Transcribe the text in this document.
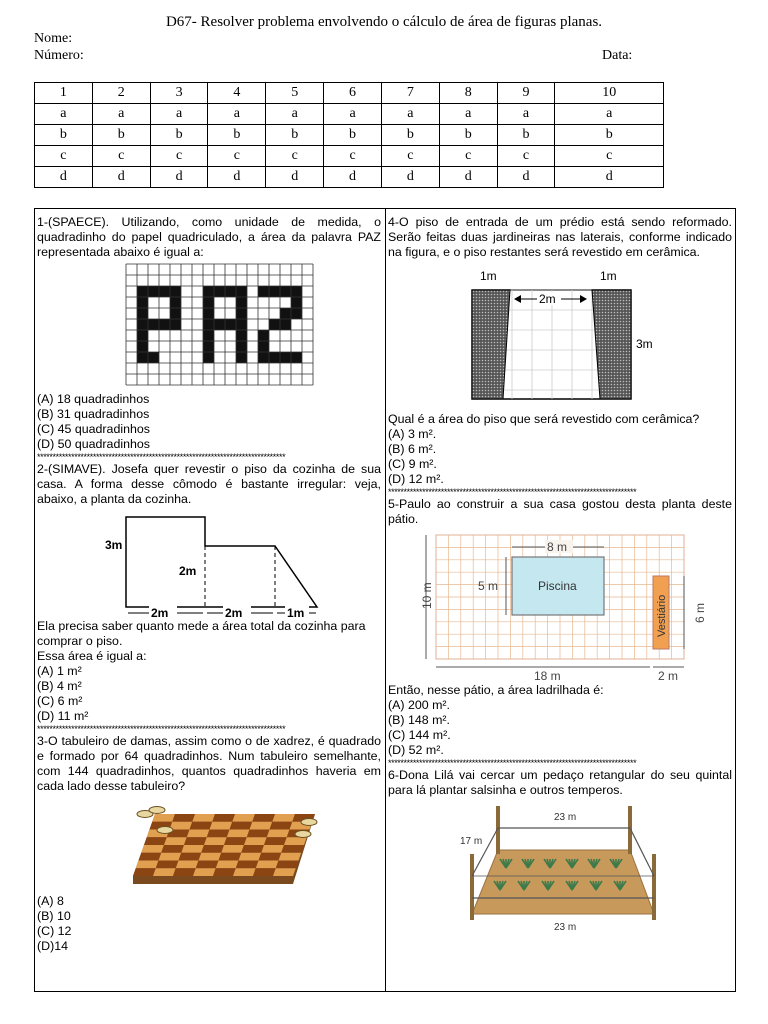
D67- Resolver problema envolvendo o cálculo de área de figuras planas.
Nome:
Número:	Data:
1	2	3	4	5	6	7	8	9	10
a	a	a	a	a	a	a	a	a	a
b	b	b	b	b	b	b	b	b	b
c	c	c	c	c	c	c	c	c	c
d	d	d	d	d	d	d	d	d	d

1-(SPAECE). Utilizando, como unidade de medida, o quadradinho do papel quadriculado, a área da palavra PAZ representada abaixo é igual a:

(A) 18 quadradinhos
(B) 31 quadradinhos
(C) 45 quadradinhos
(D) 50 quadradinhos
********************************************************************************

2-(SIMAVE). Josefa quer revestir o piso da cozinha de sua casa. A forma desse cômodo é bastante irregular: veja, abaixo, a planta da cozinha.

3m
2m
2m	2m	1m

Ela precisa saber quanto mede a área total da cozinha para comprar o piso.

Essa área é igual a:

(A) 1 m²
(B) 4 m²
(C) 6 m²
(D) 11 m²
********************************************************************************

3-O tabuleiro de damas, assim como o de xadrez, é quadrado e formado por 64 quadradinhos. Num tabuleiro semelhante, com 144 quadradinhos, quantos quadradinhos haveria em cada lado desse tabuleiro?

(A) 8
(B) 10
(C) 12
(D)14

4-O piso de entrada de um prédio está sendo reformado. Serão feitas duas jardineiras nas laterais, conforme indicado na figura, e o piso restantes será revestido em cerâmica.

1m	1m
2m
3m

Qual é a área do piso que será revestido com cerâmica?

(A) 3 m².
(B) 6 m².
(C) 9 m².
(D) 12 m².
********************************************************************************

5-Paulo ao construir a sua casa gostou desta planta deste pátio.

Piscina
Vestiário
8 m
5 m
10 m
6 m
18 m	2 m

Então, nesse pátio, a área ladrilhada é:

(A) 200 m².
(B) 148 m².
(C) 144 m².
(D) 52 m².
********************************************************************************

6-Dona Lilá vai cercar um pedaço retangular do seu quintal para lá plantar salsinha e outros temperos.

23 m
17 m
23 m
